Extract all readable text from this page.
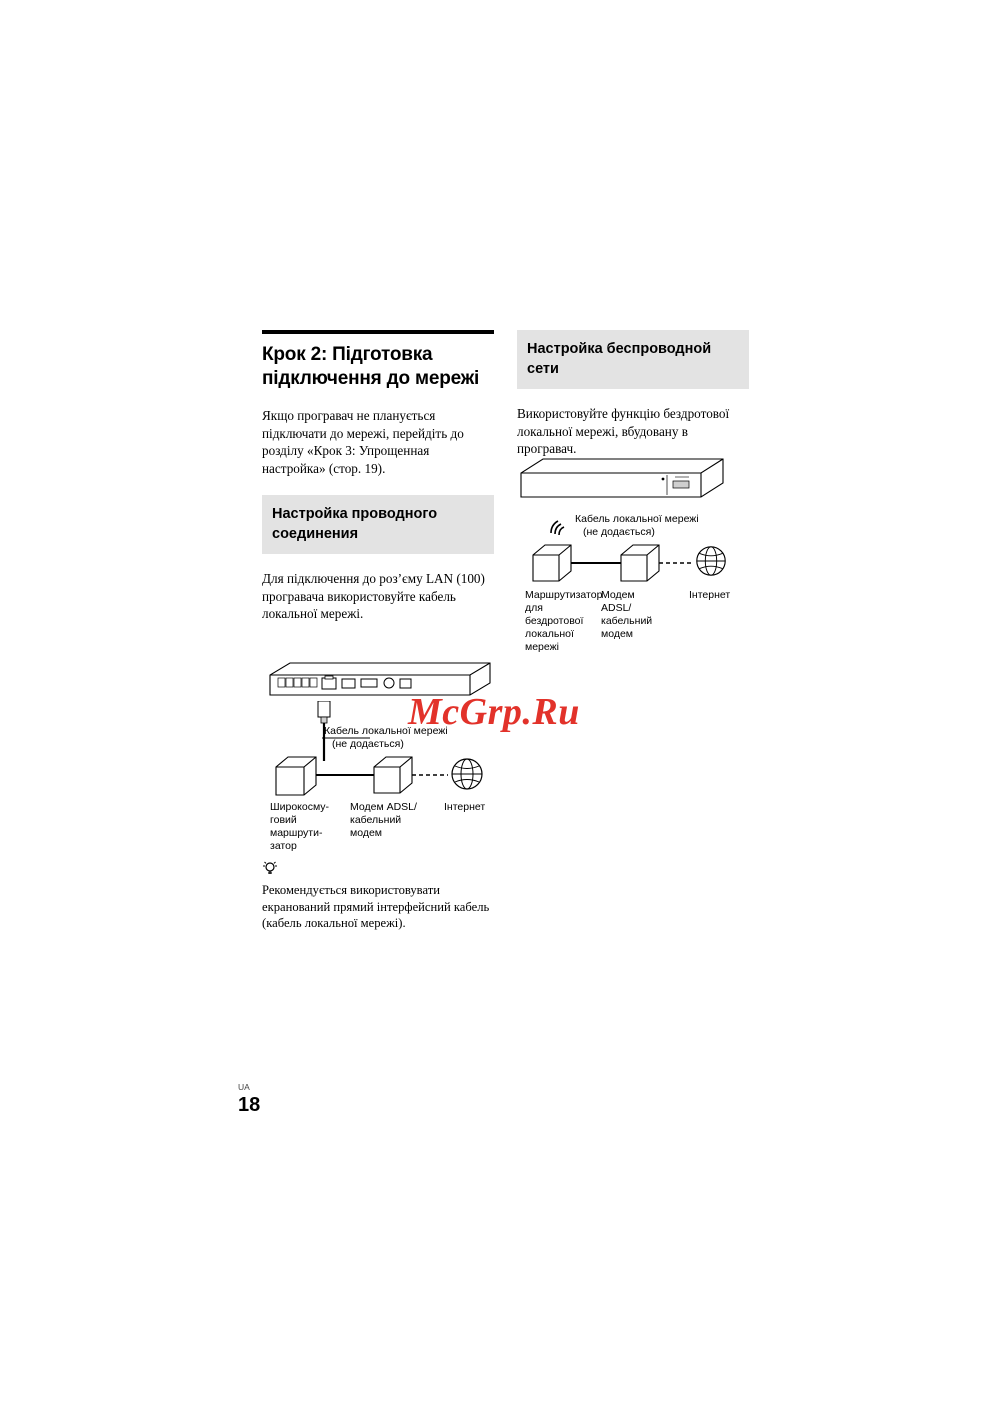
Крок 2: Підготовка підключення до мережі

Якщо програвач не планується підключати до мережі, перейдіть до розділу «Крок 3: Упрощенная настройка» (стор. 19).

Настройка проводного соединения

Для підключення до роз’єму LAN (100) програвача використовуйте кабель локальної мережі.

Кабель локальної мережі
(не додається)
Широкосму-говий маршрути-затор
Модем ADSL/ кабельний модем
Інтернет

Рекомендується використовувати екранований прямий інтерфейсний кабель (кабель локальної мережі).

Настройка беспроводной сети

Використовуйте функцію бездротової локальної мережі, вбудовану в програвач.

Кабель локальної мережі
(не додається)
Маршрутизатор для бездротової локальної мережі
Модем ADSL/ кабельний модем
Інтернет
McGrp.Ru
UA
18
